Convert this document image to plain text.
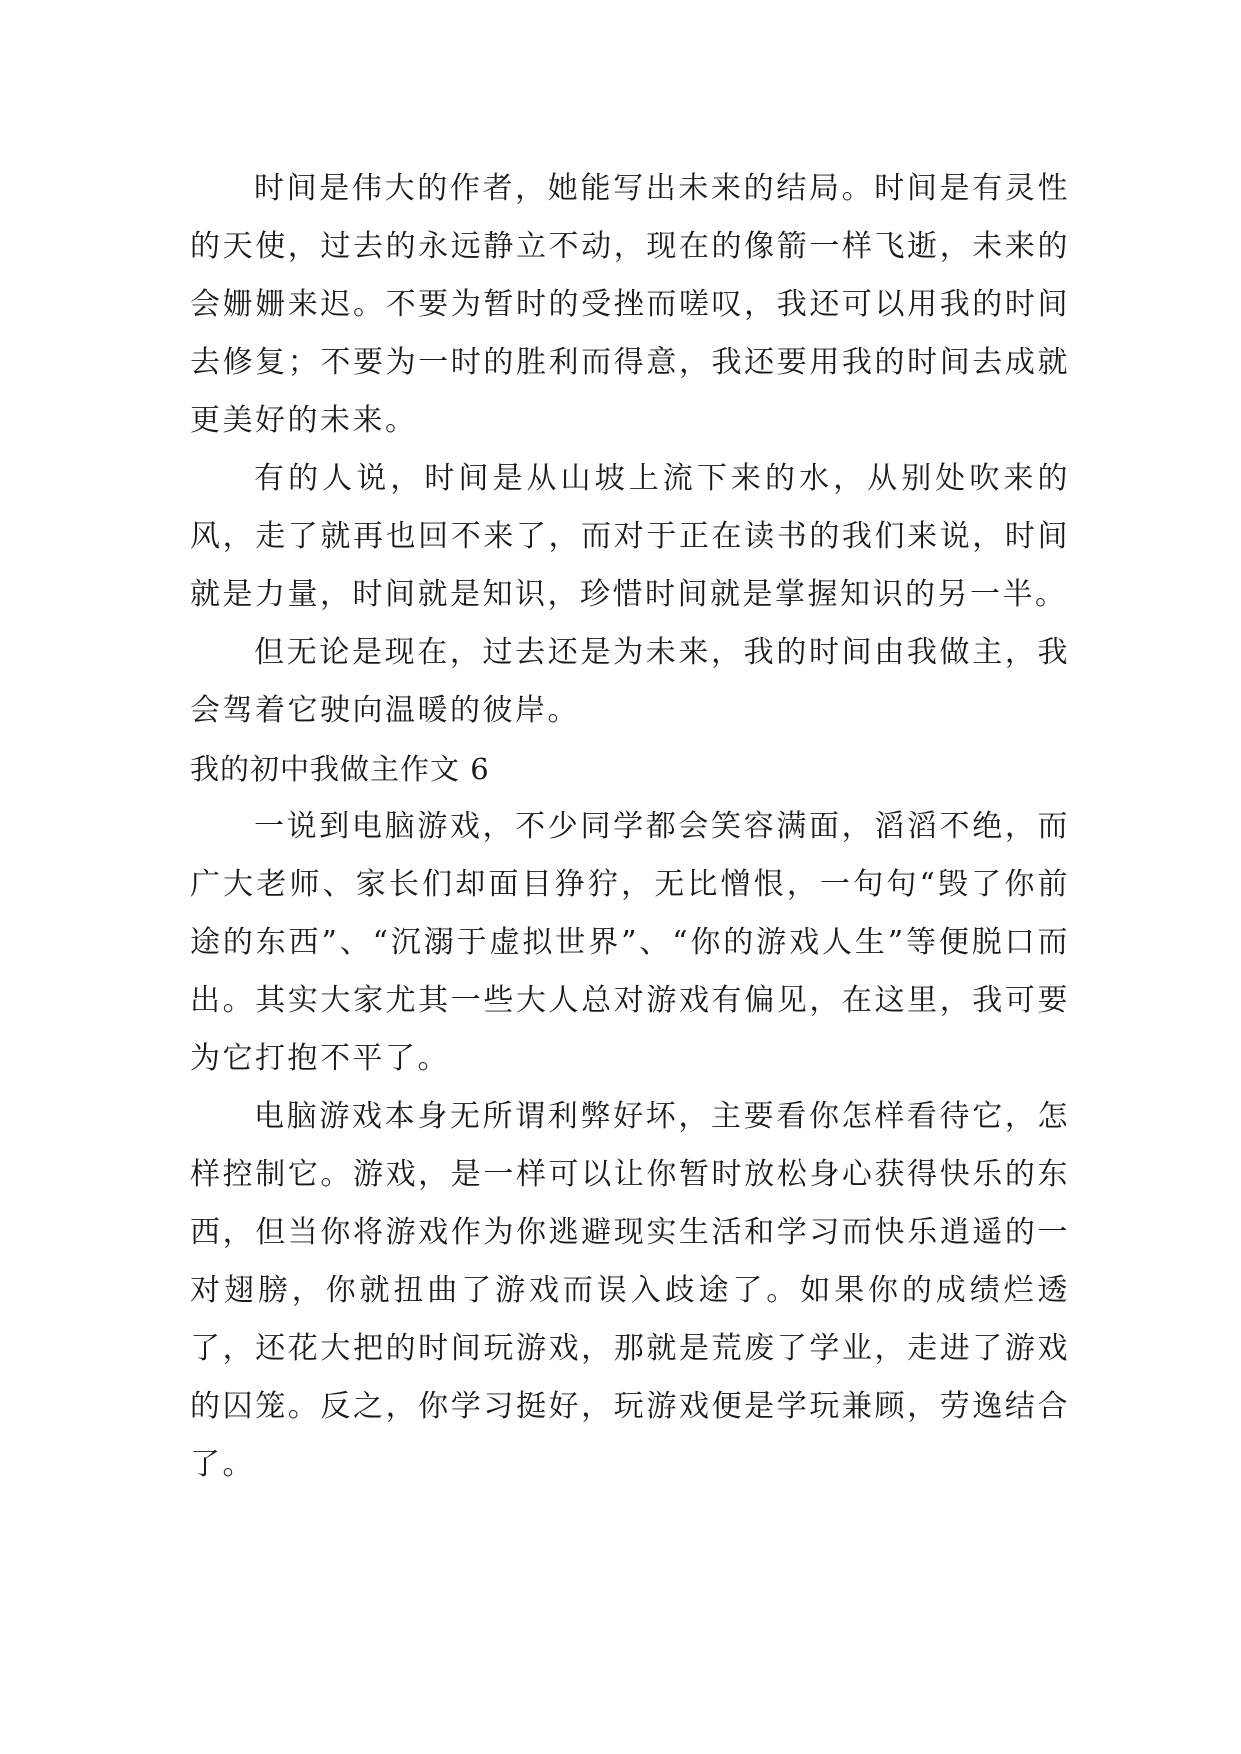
时间是伟大的作者，她能写出未来的结局。时间是有灵性的天使，过去的永远静立不动，现在的像箭一样飞逝，未来的会姗姗来迟。不要为暂时的受挫而嗟叹，我还可以用我的时间去修复；不要为一时的胜利而得意，我还要用我的时间去成就更美好的未来。

有的人说，时间是从山坡上流下来的水，从别处吹来的风，走了就再也回不来了，而对于正在读书的我们来说，时间就是力量，时间就是知识，珍惜时间就是掌握知识的另一半。

但无论是现在，过去还是为未来，我的时间由我做主，我会驾着它驶向温暖的彼岸。

我的初中我做主作文 6

一说到电脑游戏，不少同学都会笑容满面，滔滔不绝，而广大老师、家长们却面目狰狞，无比憎恨，一句句“毁了你前途的东西”、“沉溺于虚拟世界”、“你的游戏人生”等便脱口而出。其实大家尤其一些大人总对游戏有偏见，在这里，我可要为它打抱不平了。

电脑游戏本身无所谓利弊好坏，主要看你怎样看待它，怎样控制它。游戏，是一样可以让你暂时放松身心获得快乐的东西，但当你将游戏作为你逃避现实生活和学习而快乐逍遥的一对翅膀，你就扭曲了游戏而误入歧途了。如果你的成绩烂透了，还花大把的时间玩游戏，那就是荒废了学业，走进了游戏的囚笼。反之，你学习挺好，玩游戏便是学玩兼顾，劳逸结合了。
